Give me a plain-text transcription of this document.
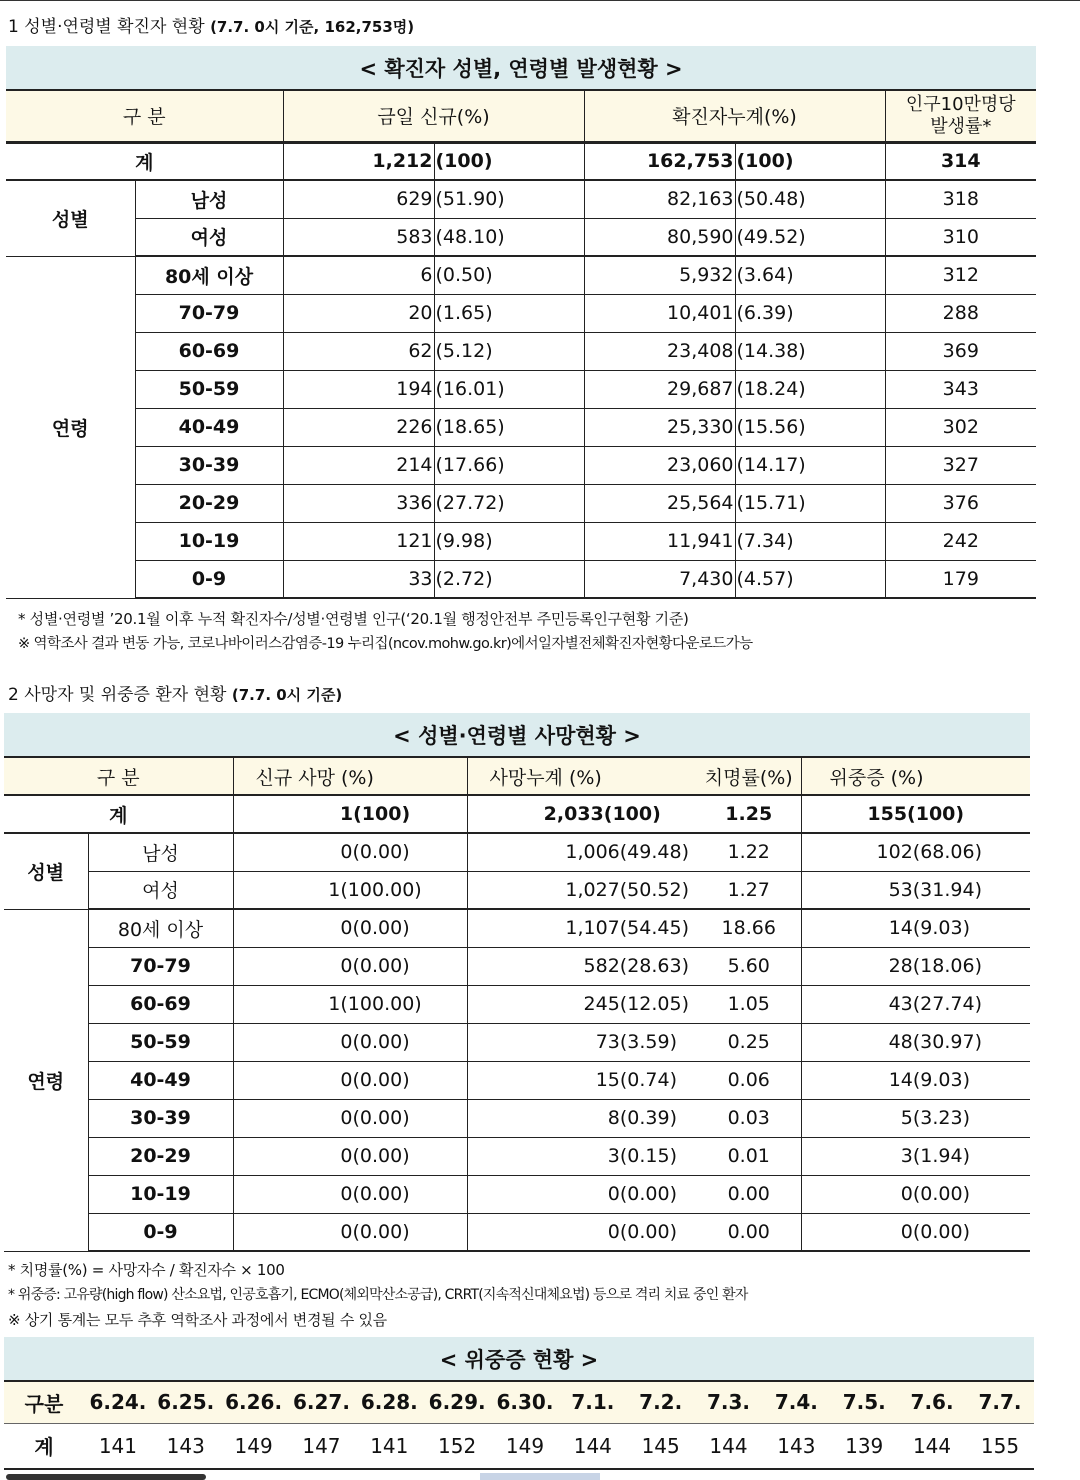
1 성별·연령별 확진자 현황 (7.7. 0시 기준, 162,753명)
< 확진자 성별, 연령별 발생현황 >						
구 분		금일 신규(%)		확진자누계(%)		인구10만명당
발생률*

계		1,212	(100)	162,753	(100)	314
성별	남성	629	(51.90)	82,163	(50.48)	318
	여성	583	(48.10)	80,590	(49.52)	310
연령	80세 이상	6	(0.50)	5,932	(3.64)	312
	70-79	20	(1.65)	10,401	(6.39)	288
	60-69	62	(5.12)	23,408	(14.38)	369
	50-59	194	(16.01)	29,687	(18.24)	343
	40-49	226	(18.65)	25,330	(15.56)	302
	30-39	214	(17.66)	23,060	(14.17)	327
	20-29	336	(27.72)	25,564	(15.71)	376
	10-19	121	(9.98)	11,941	(7.34)	242
	0-9	33	(2.72)	7,430	(4.57)	179
* 성별·연령별 ’20.1월 이후 누적 확진자수/성별·연령별 인구(‘20.1월 행정안전부 주민등록인구현황 기준)
※ 역학조사 결과 변동 가능, 코로나바이러스감염증-19 누리집(ncov.mohw.go.kr)에서일자별전체확진자현황다운로드가능
2 사망자 및 위중증 환자 현황 (7.7. 0시 기준)
< 성별·연령별 사망현황 >					
구 분		신규 사망 (%)	사망누계 (%)	치명률(%)	위중증 (%)
계		1(100)	2,033(100)	1.25	155(100)
성별	남성	0(0.00)	1,006(49.48)	1.22	102(68.06)
	여성	1(100.00)	1,027(50.52)	1.27	53(31.94)
연령	80세 이상	0(0.00)	1,107(54.45)	18.66	14(9.03)
	70-79	0(0.00)	582(28.63)	5.60	28(18.06)
	60-69	1(100.00)	245(12.05)	1.05	43(27.74)
	50-59	0(0.00)	73(3.59)	0.25	48(30.97)
	40-49	0(0.00)	15(0.74)	0.06	14(9.03)
	30-39	0(0.00)	8(0.39)	0.03	5(3.23)
	20-29	0(0.00)	3(0.15)	0.01	3(1.94)
	10-19	0(0.00)	0(0.00)	0.00	0(0.00)
	0-9	0(0.00)	0(0.00)	0.00	0(0.00)
* 치명률(%) = 사망자수 / 확진자수 × 100
* 위중증: 고유량(high flow) 산소요법, 인공호흡기, ECMO(체외막산소공급), CRRT(지속적신대체요법) 등으로 격리 치료 중인 환자
※ 상기 통계는 모두 추후 역학조사 과정에서 변경될 수 있음
< 위중증 현황 >														
구분	6.24.	6.25.	6.26.	6.27.	6.28.	6.29.	6.30.	7.1.	7.2.	7.3.	7.4.	7.5.	7.6.	7.7.
계	141	143	149	147	141	152	149	144	145	144	143	139	144	155
